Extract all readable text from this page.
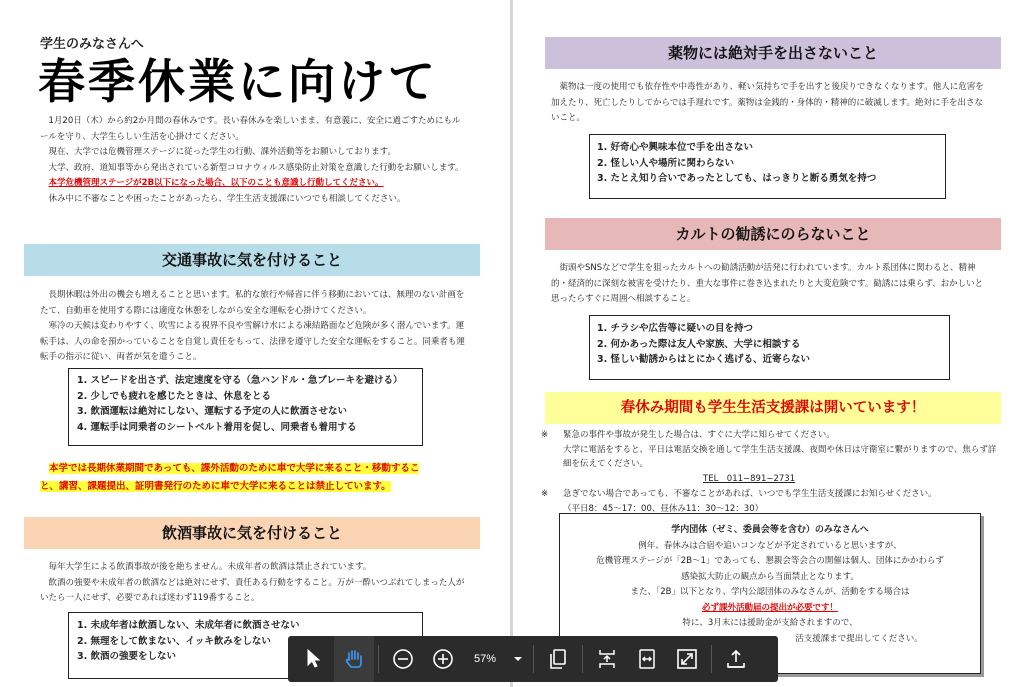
学生のみなさんへ
春季休業に向けて

1月20日（木）から約2か月間の春休みです。長い春休みを楽しいまま、有意義に、安全に過ごすためにもルールを守り、大学生らしい生活を心掛けてください。

現在、大学では危機管理ステージに従った学生の行動、課外活動等をお願いしております。

大学、政府、道知事等から発出されている新型コロナウィルス感染防止対策を意識した行動をお願いします。

本学危機管理ステージが2B以下になった場合、以下のことも意識し行動してください。

休み中に不審なことや困ったことがあったら、学生生活支援課にいつでも相談してください。

交通事故に気を付けること

長期休暇は外出の機会も増えることと思います。私的な旅行や帰省に伴う移動においては、無理のない計画をたて、自動車を使用する際には適度な休憩をしながら安全な運転を心掛けてください。

寒冷の天候は変わりやすく、吹雪による視界不良や雪解け水による凍結路面など危険が多く潜んでいます。運転手は、人の命を預かっていることを自覚し責任をもって、法律を遵守した安全な運転をすること。同乗者も運転手の指示に従い、両者が気を遣うこと。

1. スピードを出さず、法定速度を守る（急ハンドル・急ブレーキを避ける）
2. 少しでも疲れを感じたときは、休息をとる
3. 飲酒運転は絶対にしない、運転する予定の人に飲酒させない
4. 運転手は同乗者のシートベルト着用を促し、同乗者も着用する
本学では長期休業期間であっても、課外活動のために車で大学に来ること・移動するこ
と、講習、課題提出、証明書発行のために車で大学に来ることは禁止しています。
飲酒事故に気を付けること

毎年大学生による飲酒事故が後を絶ちません。未成年者の飲酒は禁止されています。

飲酒の強要や未成年者の飲酒などは絶対にせず、責任ある行動をすること。万が一酔いつぶれてしまった人がいたら一人にせず、必要であれば迷わず119番すること。

1. 未成年者は飲酒しない、未成年者に飲酒させない
2. 無理をして飲まない、イッキ飲みをしない
3. 飲酒の強要をしない
薬物には絶対手を出さないこと

薬物は一度の使用でも依存性や中毒性があり、軽い気持ちで手を出すと後戻りできなくなります。他人に危害を加えたり、死亡したりしてからでは手遅れです。薬物は金銭的・身体的・精神的に破滅します。絶対に手を出さないこと。

1. 好奇心や興味本位で手を出さない
2. 怪しい人や場所に関わらない
3. たとえ知り合いであったとしても、はっきりと断る勇気を持つ
カルトの勧誘にのらないこと

街頭やSNSなどで学生を狙ったカルトへの勧誘活動が活発に行われています。カルト系団体に関わると、精神的・経済的に深刻な被害を受けたり、重大な事件に巻き込まれたりと大変危険です。勧誘には乗らず、おかしいと思ったらすぐに周囲へ相談すること。

1. チラシや広告等に疑いの目を持つ
2. 何かあった際は友人や家族、大学に相談する
3. 怪しい勧誘からはとにかく逃げる、近寄らない
春休み期間も学生生活支援課は開いています！
※	緊急の事件や事故が発生した場合は、すぐに大学に知らせてください。
大学に電話をすると、平日は電話交換を通して学生生活支援課、夜間や休日は守衛室に繋がりますので、焦らず詳細を伝えてください。
TEL　011−891−2731
※	急ぎでない場合であっても、不審なことがあれば、いつでも学生生活支援課にお知らせください。
（平日8：45〜17：00、昼休み11：30〜12：30）
学内団体（ゼミ、委員会等を含む）のみなさんへ
例年、春休みは合宿や追いコンなどが予定されていると思いますが、
危機管理ステージが「2B〜1」であっても、懇親会等会合の開催は個人、団体にかかわらず
感染拡大防止の観点から当面禁止となります。
また、「2B」以下となり、学内公認団体のみなさんが、活動をする場合は
必ず課外活動届の提出が必要です！
特に、3月末には援助金が支給されますので、
活支援課まで提出してください。
57%
